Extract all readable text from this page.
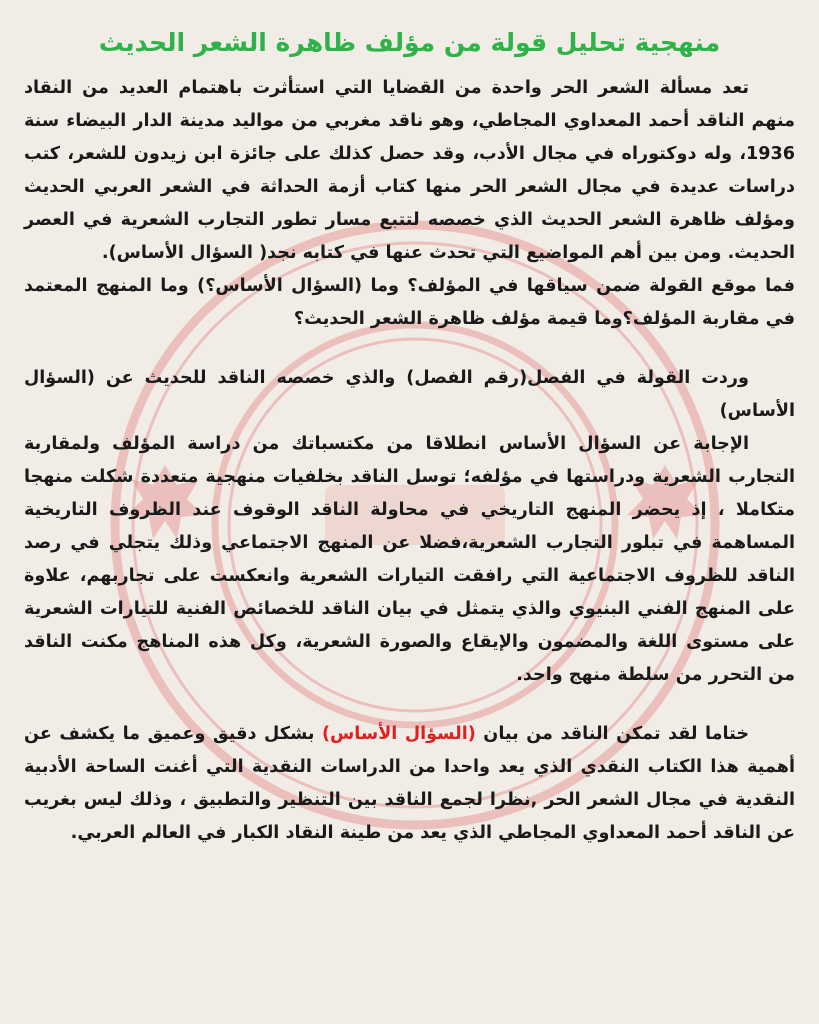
منهجية تحليل قولة من مؤلف ظاهرة الشعر الحديث

تعد مسألة الشعر الحر واحدة من القضايا التي استأثرت باهتمام العديد من النقاد منهم الناقد أحمد المعداوي المجاطي، وهو ناقد مغربي من مواليد مدينة الدار البيضاء سنة 1936، وله دوكتوراه في مجال الأدب، وقد حصل كذلك على جائزة ابن زيدون للشعر، كتب دراسات عديدة في مجال الشعر الحر منها كتاب أزمة الحداثة في الشعر العربي الحديث ومؤلف ظاهرة الشعر الحديث الذي خصصه لتتبع مسار تطور التجارب الشعرية في العصر الحديث. ومن بين أهم المواضيع التي تحدث عنها في كتابه نجد( السؤال الأساس).

فما موقع القولة ضمن سياقها في المؤلف؟ وما (السؤال الأساس؟) وما المنهج المعتمد في مقاربة المؤلف؟وما قيمة مؤلف ظاهرة الشعر الحديث؟

وردت القولة في الفصل(رقم الفصل) والذي خصصه الناقد للحديث عن (السؤال الأساس)

الإجابة عن السؤال الأساس انطلاقا من مكتسباتك من دراسة المؤلف ولمقاربة التجارب الشعرية ودراستها في مؤلفه؛ توسل الناقد بخلفيات منهجية متعددة شكلت منهجا متكاملا ، إذ يحضر المنهج التاريخي في محاولة الناقد الوقوف عند الظروف التاريخية المساهمة في تبلور التجارب الشعرية،فضلا عن المنهج الاجتماعي وذلك يتجلي في رصد الناقد للظروف الاجتماعية التي رافقت التيارات الشعرية وانعكست على تجاربهم، علاوة على المنهج الفني البنيوي والذي يتمثل في بيان الناقد للخصائص الفنية للتيارات الشعرية على مستوى اللغة والمضمون والإيقاع والصورة الشعرية، وكل هذه المناهج مكنت الناقد من التحرر من سلطة منهج واحد.

ختاما لقد تمكن الناقد من بيان (السؤال الأساس) بشكل دقيق وعميق ما يكشف عن أهمية هذا الكتاب النقدي الذي يعد واحدا من الدراسات النقدية التي أغنت الساحة الأدبية النقدية في مجال الشعر الحر ,نظرا لجمع الناقد بين التنظير والتطبيق ، وذلك ليس بغريب عن الناقد أحمد المعداوي المجاطي الذي يعد من طينة النقاد الكبار في العالم العربي.
